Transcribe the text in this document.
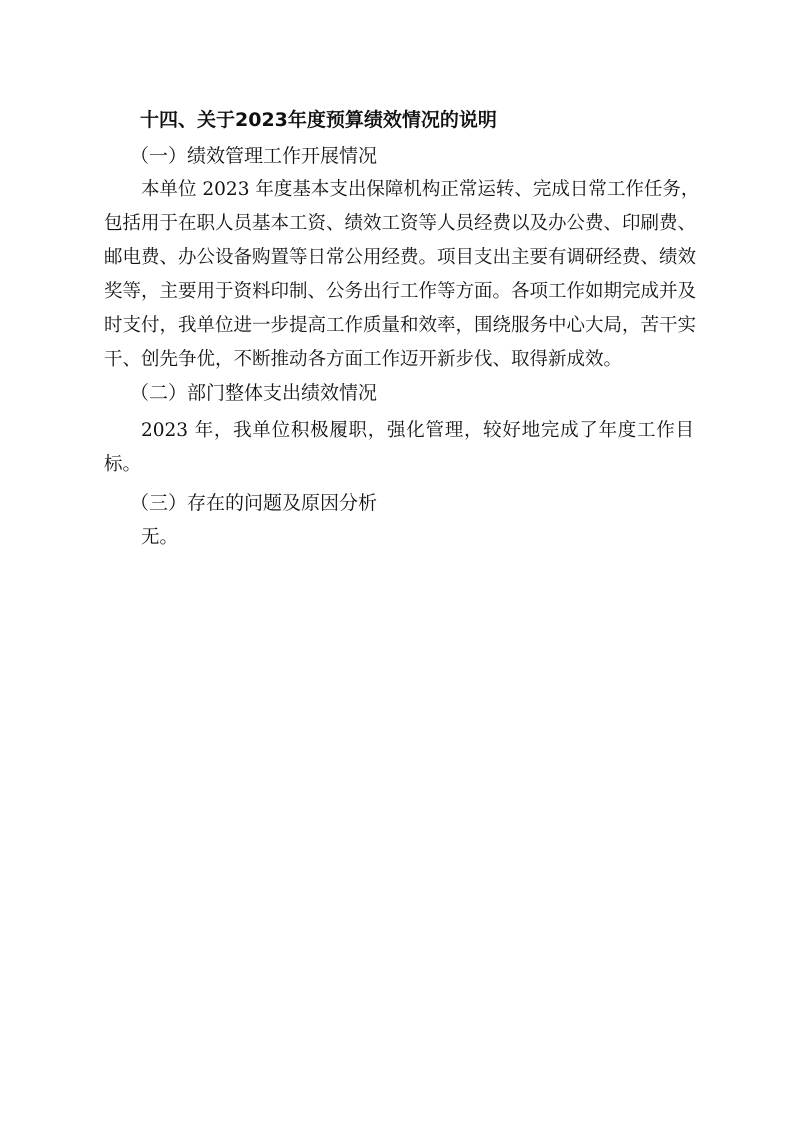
十四、关于2023年度预算绩效情况的说明
（一）绩效管理工作开展情况
本单位 2023 年度基本支出保障机构正常运转、完成日常工作任务，
包括用于在职人员基本工资、绩效工资等人员经费以及办公费、印刷费、
邮电费、办公设备购置等日常公用经费。项目支出主要有调研经费、绩效
奖等，主要用于资料印制、公务出行工作等方面。各项工作如期完成并及
时支付，我单位进一步提高工作质量和效率，围绕服务中心大局，苦干实
干、创先争优，不断推动各方面工作迈开新步伐、取得新成效。
（二）部门整体支出绩效情况
2023 年，我单位积极履职，强化管理，较好地完成了年度工作目
标。
（三）存在的问题及原因分析
无。
